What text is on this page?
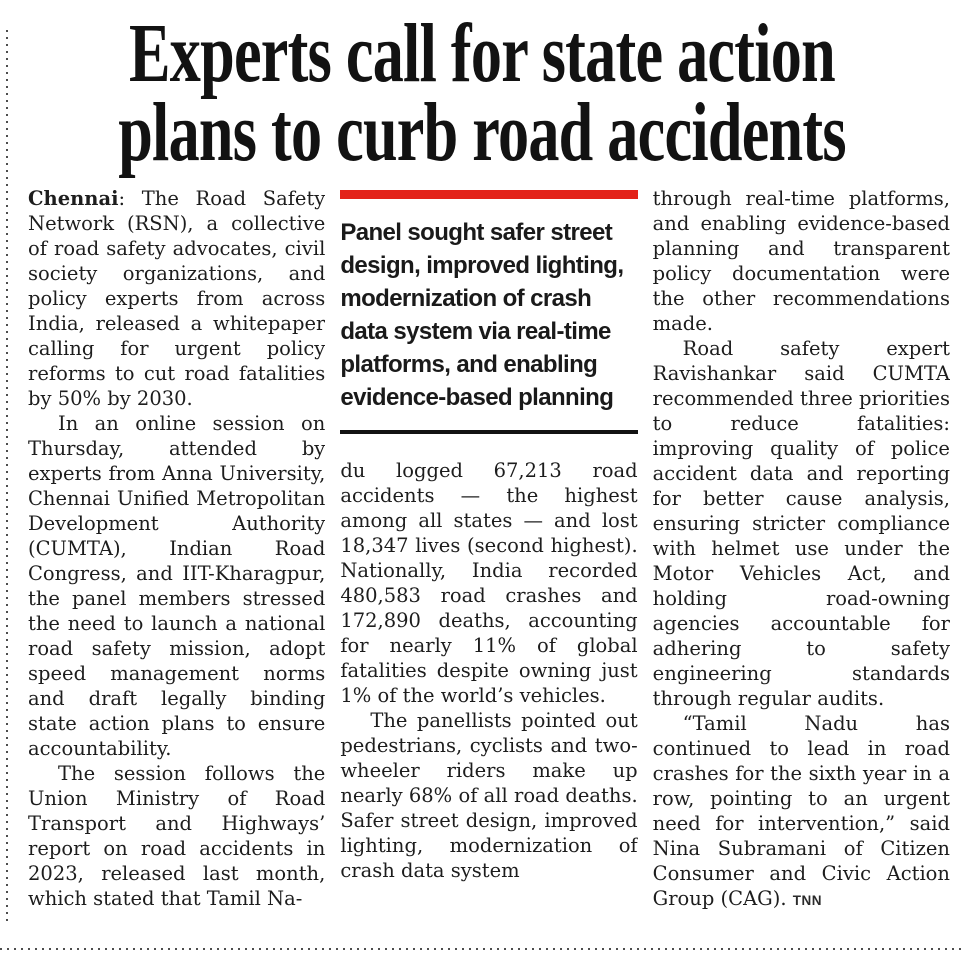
Experts call for state action
plans to curb road accidents

Chennai: The Road Safety Network (RSN), a collective of road safety advocates, civil society organizations, and policy experts from across India, released a whitepaper calling for urgent policy reforms to cut road fatalities by 50% by 2030.

In an online session on Thursday, attended by experts from Anna University, Chennai Unified Metropolitan Development Authority (CUMTA), Indian Road Congress, and IIT-Kharagpur, the panel members stressed the need to launch a national road safety mission, adopt speed management norms and draft legally binding state action plans to ensure accountability.

The session follows the Union Ministry of Road Transport and Highways’ report on road accidents in 2023, released last month, which stated that Tamil Na-

Panel sought safer street design, improved lighting, modernization of crash data system via real-time platforms, and enabling evidence-based planning

du logged 67,213 road accidents — the highest among all states — and lost 18,347 lives (second highest). Nationally, India recorded 480,583 road crashes and 172,890 deaths, accounting for nearly 11% of global fatalities despite owning just 1% of the world’s vehicles.

The panellists pointed out pedestrians, cyclists and two-wheeler riders make up nearly 68% of all road deaths. Safer street design, improved lighting, modernization of crash data system

through real-time platforms, and enabling evidence-based planning and transparent policy documentation were the other recommendations made.

Road safety expert Ravishankar said CUMTA recommended three priorities to reduce fatalities: improving quality of police accident data and reporting for better cause analysis, ensuring stricter compliance with helmet use under the Motor Vehicles Act, and holding road-owning agencies accountable for adhering to safety engineering standards through regular audits.

“Tamil Nadu has continued to lead in road crashes for the sixth year in a row, pointing to an urgent need for intervention,” said Nina Subramani of Citizen Consumer and Civic Action Group (CAG). TNN
